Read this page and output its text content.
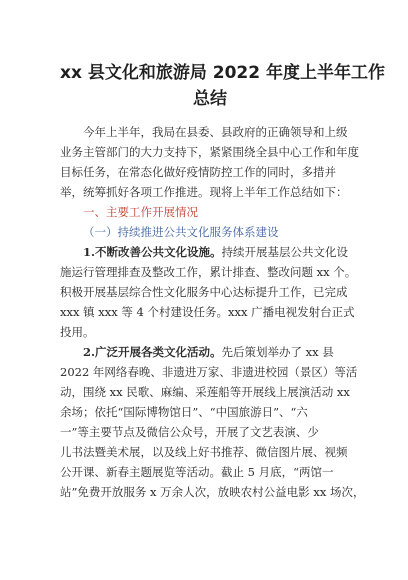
xx 县文化和旅游局 2022 年度上半年工作
总结

今年上半年，我局在县委、县政府的正确领导和上级
业务主管部门的大力支持下，紧紧围绕全县中心工作和年度
目标任务，在常态化做好疫情防控工作的同时，多措并
举，统筹抓好各项工作推进。现将上半年工作总结如下：

一、主要工作开展情况

（一）持续推进公共文化服务体系建设

1.不断改善公共文化设施。持续开展基层公共文化设
施运行管理排查及整改工作，累计排查、整改问题 xx 个。
积极开展基层综合性文化服务中心达标提升工作，已完成
xxx 镇 xxx 等 4 个村建设任务。xxx 广播电视发射台正式
投用。

2.广泛开展各类文化活动。先后策划举办了 xx 县
2022 年网络春晚、非遗进万家、非遗进校园（景区）等活
动，围绕 xx 民歌、麻编、采莲船等开展线上展演活动 xx
余场；依托“国际博物馆日”、“中国旅游日”、“六
一”等主要节点及微信公众号，开展了文艺表演、少
儿书法暨美术展，以及线上好书推荐、微信图片展、视频
公开课、新春主题展览等活动。截止 5 月底，“两馆一
站”免费开放服务 x 万余人次，放映农村公益电影 xx 场次，
